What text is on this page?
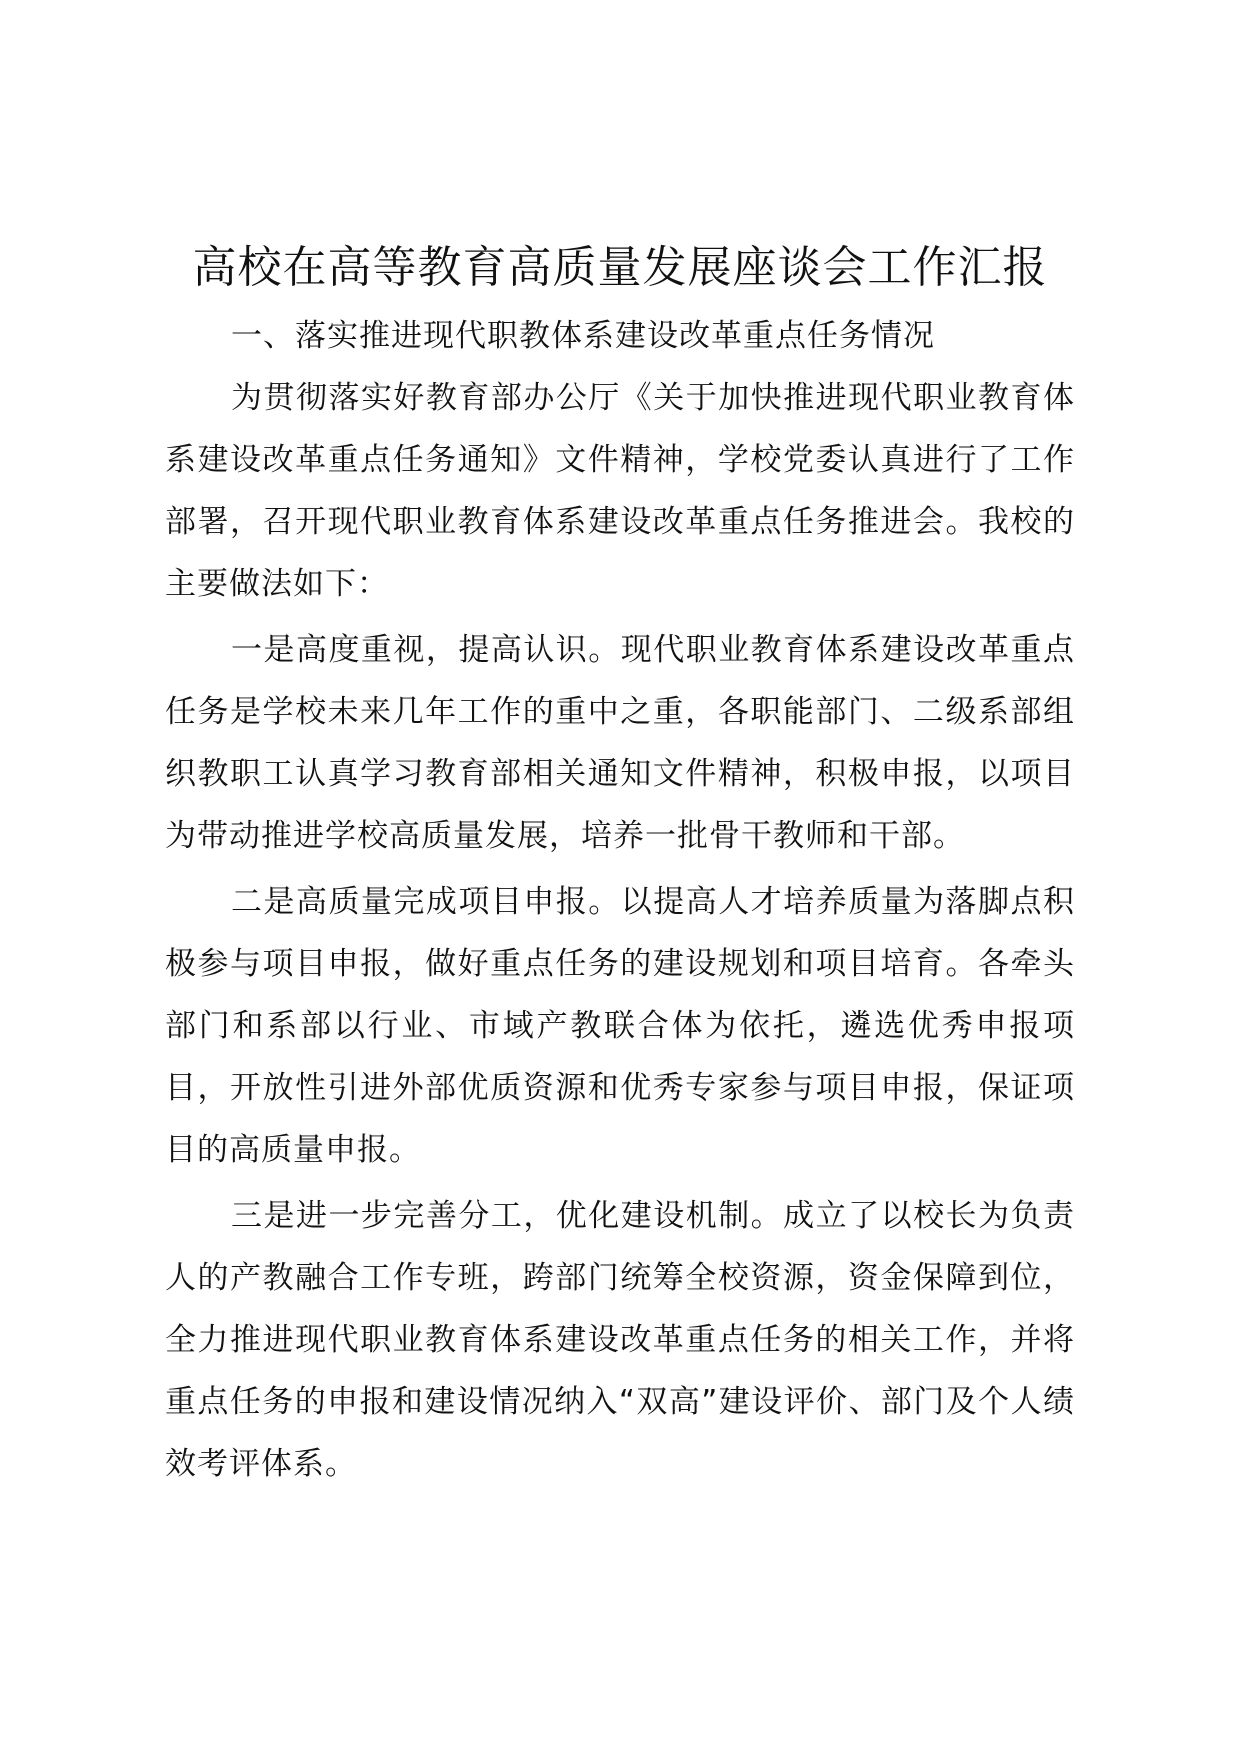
高校在高等教育高质量发展座谈会工作汇报

一、落实推进现代职教体系建设改革重点任务情况

为贯彻落实好教育部办公厅《关于加快推进现代职业教育体系建设改革重点任务通知》文件精神，学校党委认真进行了工作部署，召开现代职业教育体系建设改革重点任务推进会。我校的主要做法如下：

一是高度重视，提高认识。现代职业教育体系建设改革重点任务是学校未来几年工作的重中之重，各职能部门、二级系部组织教职工认真学习教育部相关通知文件精神，积极申报，以项目为带动推进学校高质量发展，培养一批骨干教师和干部。

二是高质量完成项目申报。以提高人才培养质量为落脚点积极参与项目申报，做好重点任务的建设规划和项目培育。各牵头部门和系部以行业、市域产教联合体为依托，遴选优秀申报项目，开放性引进外部优质资源和优秀专家参与项目申报，保证项目的高质量申报。

三是进一步完善分工，优化建设机制。成立了以校长为负责人的产教融合工作专班，跨部门统筹全校资源，资金保障到位，全力推进现代职业教育体系建设改革重点任务的相关工作，并将重点任务的申报和建设情况纳入“双高”建设评价、部门及个人绩效考评体系。
